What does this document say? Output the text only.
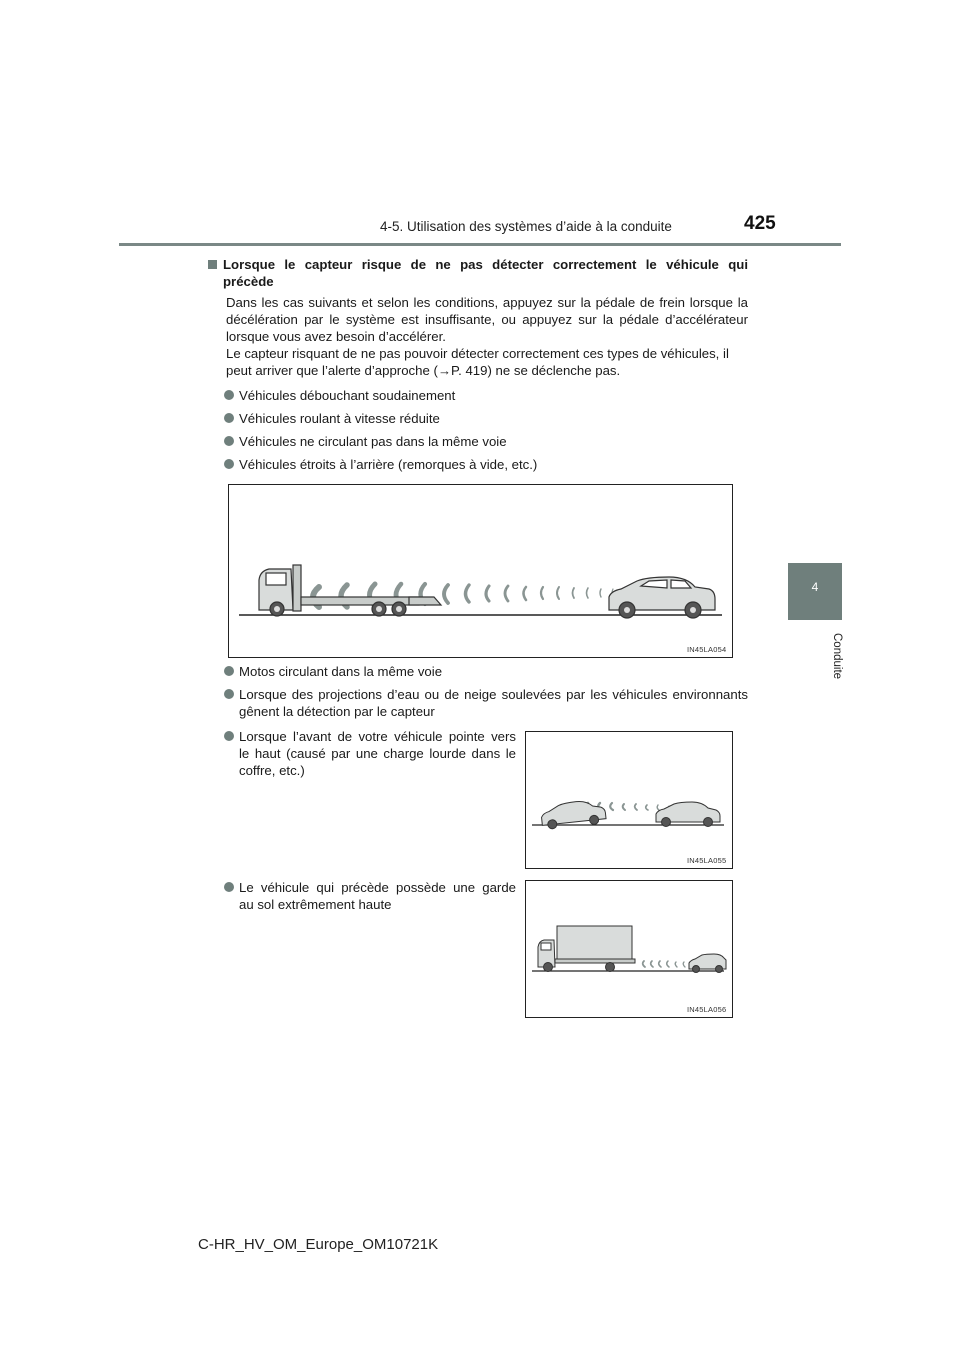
4-5. Utilisation des systèmes d’aide à la conduite	425
4
Conduite
Lorsque le capteur risque de ne pas détecter correctement le véhicule qui
précède
Dans les cas suivants et selon les conditions, appuyez sur la pédale de frein lorsque la
décélération par le système est insuffisante, ou appuyez sur la pédale d’accélérateur
lorsque vous avez besoin d’accélérer.
Le capteur risquant de ne pas pouvoir détecter correctement ces types de véhicules, il
peut arriver que l’alerte d’approche (→P. 419) ne se déclenche pas.
Véhicules débouchant soudainement
Véhicules roulant à vitesse réduite
Véhicules ne circulant pas dans la même voie
Véhicules étroits à l’arrière (remorques à vide, etc.)
IN45LA054
Motos circulant dans la même voie
Lorsque des projections d’eau ou de neige soulevées par les véhicules environnants
gênent la détection par le capteur
Lorsque l’avant de votre véhicule pointe vers
le haut (causé par une charge lourde dans le
coffre, etc.)
IN45LA055
Le véhicule qui précède possède une garde
au sol extrêmement haute
IN45LA056
C-HR_HV_OM_Europe_OM10721K
